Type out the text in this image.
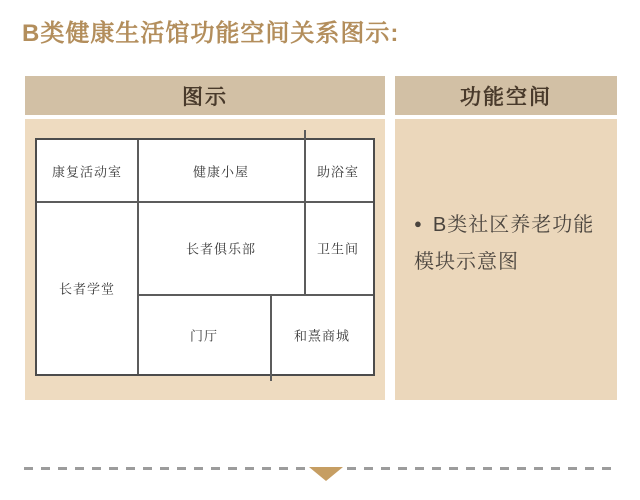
B类健康生活馆功能空间关系图示:
图示	功能空间
康复活动室	健康小屋	助浴室
长者学堂
长者俱乐部	卫生间
门厅	和熹商城
● B类社区养老功能模块示意图
